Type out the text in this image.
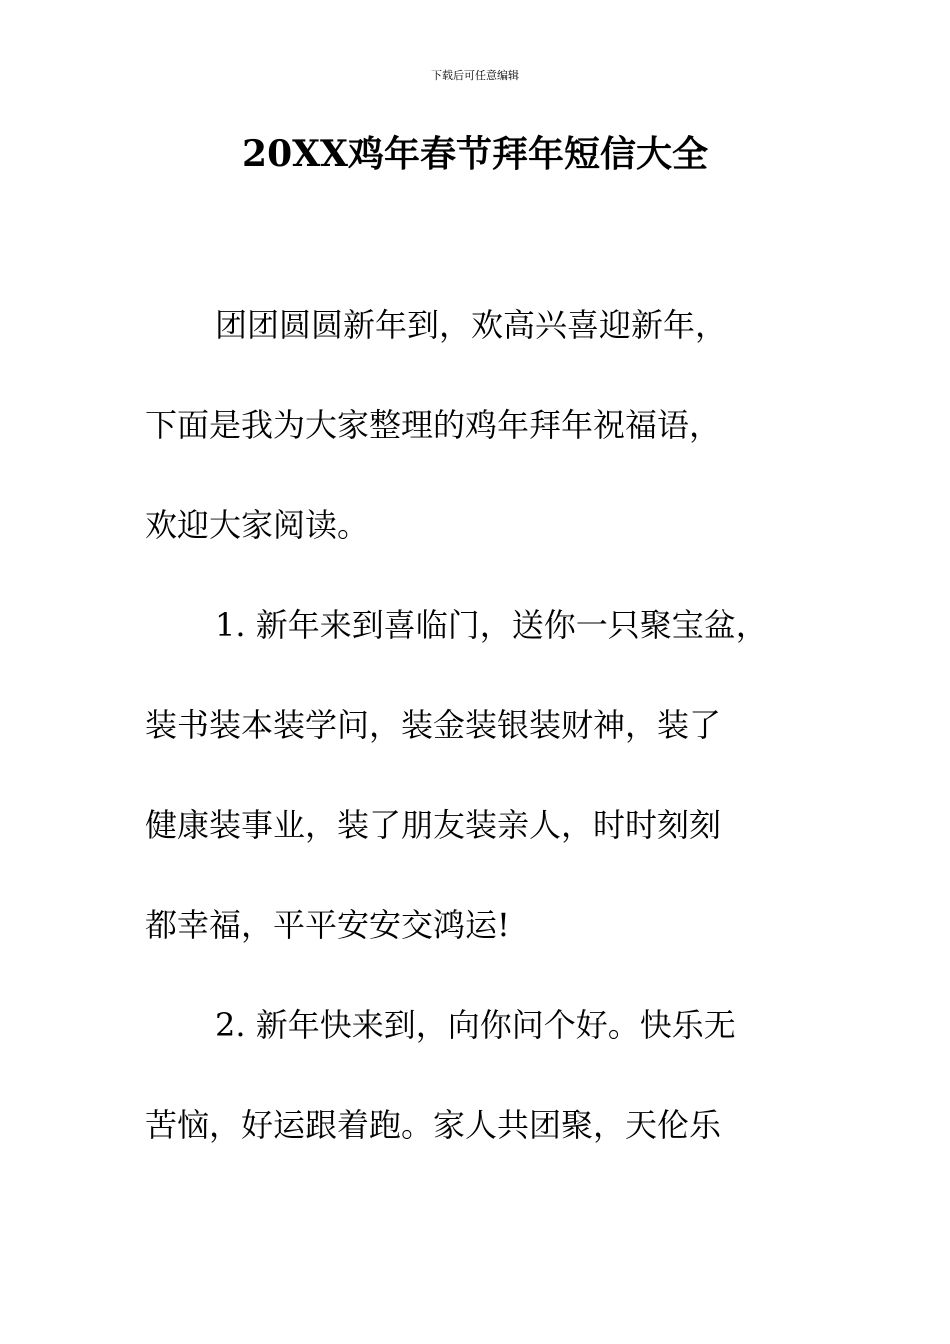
下载后可任意编辑
20XX鸡年春节拜年短信大全
团团圆圆新年到，欢高兴喜迎新年，
下面是我为大家整理的鸡年拜年祝福语，
欢迎大家阅读。
1. 新年来到喜临门，送你一只聚宝盆，
装书装本装学问，装金装银装财神，装了
健康装事业，装了朋友装亲人，时时刻刻
都幸福，平平安安交鸿运!
2. 新年快来到，向你问个好。快乐无
苦恼，好运跟着跑。家人共团聚，天伦乐
